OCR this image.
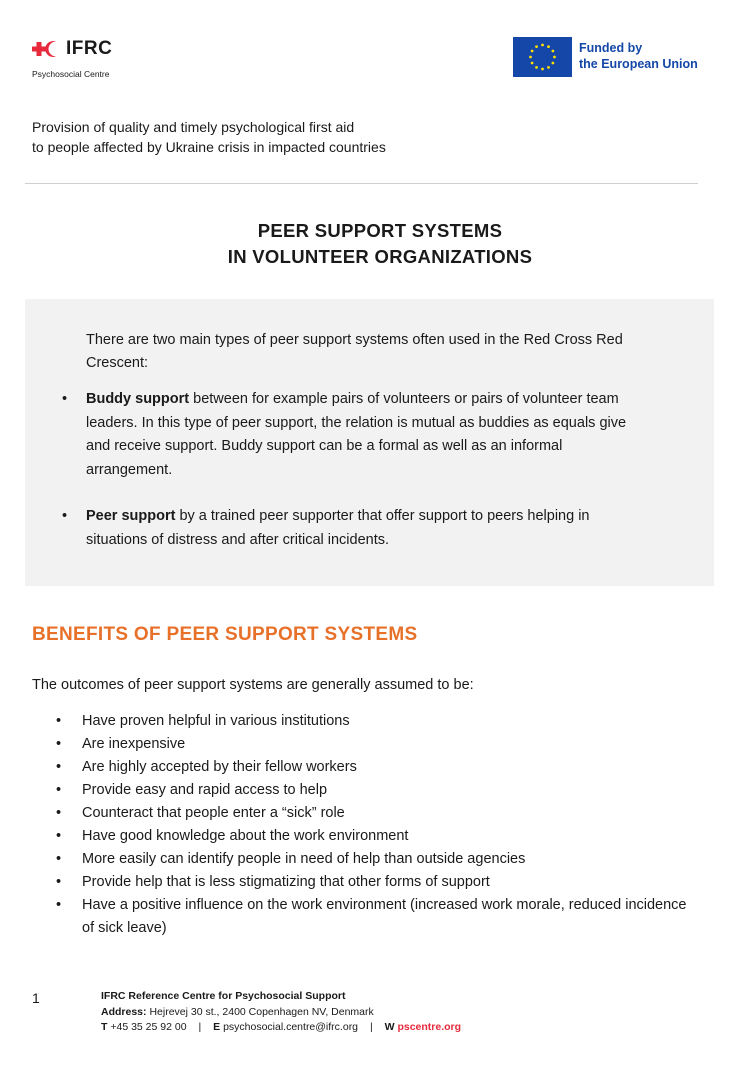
IFRC
Psychosocial Centre
Funded by
the European Union
Provision of quality and timely psychological first aid
to people affected by Ukraine crisis in impacted countries
PEER SUPPORT SYSTEMS
IN VOLUNTEER ORGANIZATIONS
There are two main types of peer support systems often used in the Red Cross Red Crescent:
• Buddy support between for example pairs of volunteers or pairs of volunteer team leaders. In this type of peer support, the relation is mutual as buddies as equals give and receive support. Buddy support can be a formal as well as an informal arrangement.
• Peer support by a trained peer supporter that offer support to peers helping in situations of distress and after critical incidents.
BENEFITS OF PEER SUPPORT SYSTEMS
The outcomes of peer support systems are generally assumed to be:
• Have proven helpful in various institutions
• Are inexpensive
• Are highly accepted by their fellow workers
• Provide easy and rapid access to help
• Counteract that people enter a “sick” role
• Have good knowledge about the work environment
• More easily can identify people in need of help than outside agencies
• Provide help that is less stigmatizing that other forms of support
• Have a positive influence on the work environment (increased work morale, reduced incidence of sick leave)
1	IFRC Reference Centre for Psychosocial Support
Address: Hejrevej 30 st., 2400 Copenhagen NV, Denmark
T +45 35 25 92 00 | E psychosocial.centre@ifrc.org | W pscentre.org
